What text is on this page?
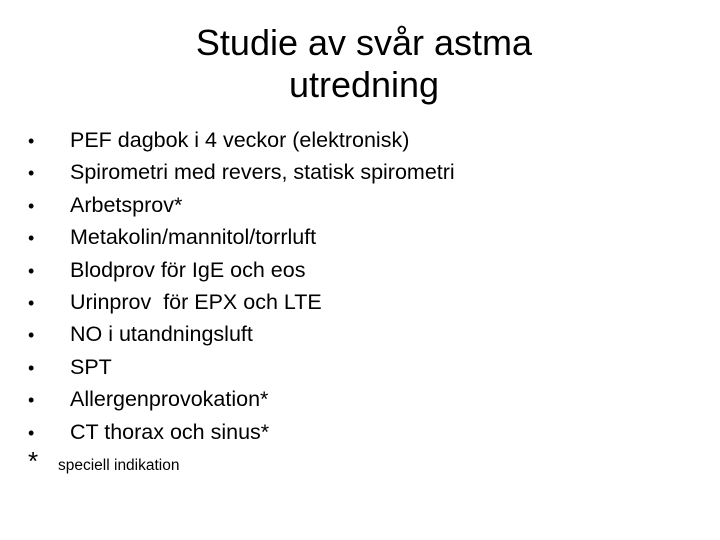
Studie av svår astma
utredning
•	PEF dagbok i 4 veckor (elektronisk)
•	Spirometri med revers, statisk spirometri
•	Arbetsprov*
•	Metakolin/mannitol/torrluft
•	Blodprov för IgE och eos
•	Urinprov  för EPX och LTE
•	NO i utandningsluft
•	SPT
•	Allergenprovokation*
•	CT thorax och sinus*
*	speciell indikation
